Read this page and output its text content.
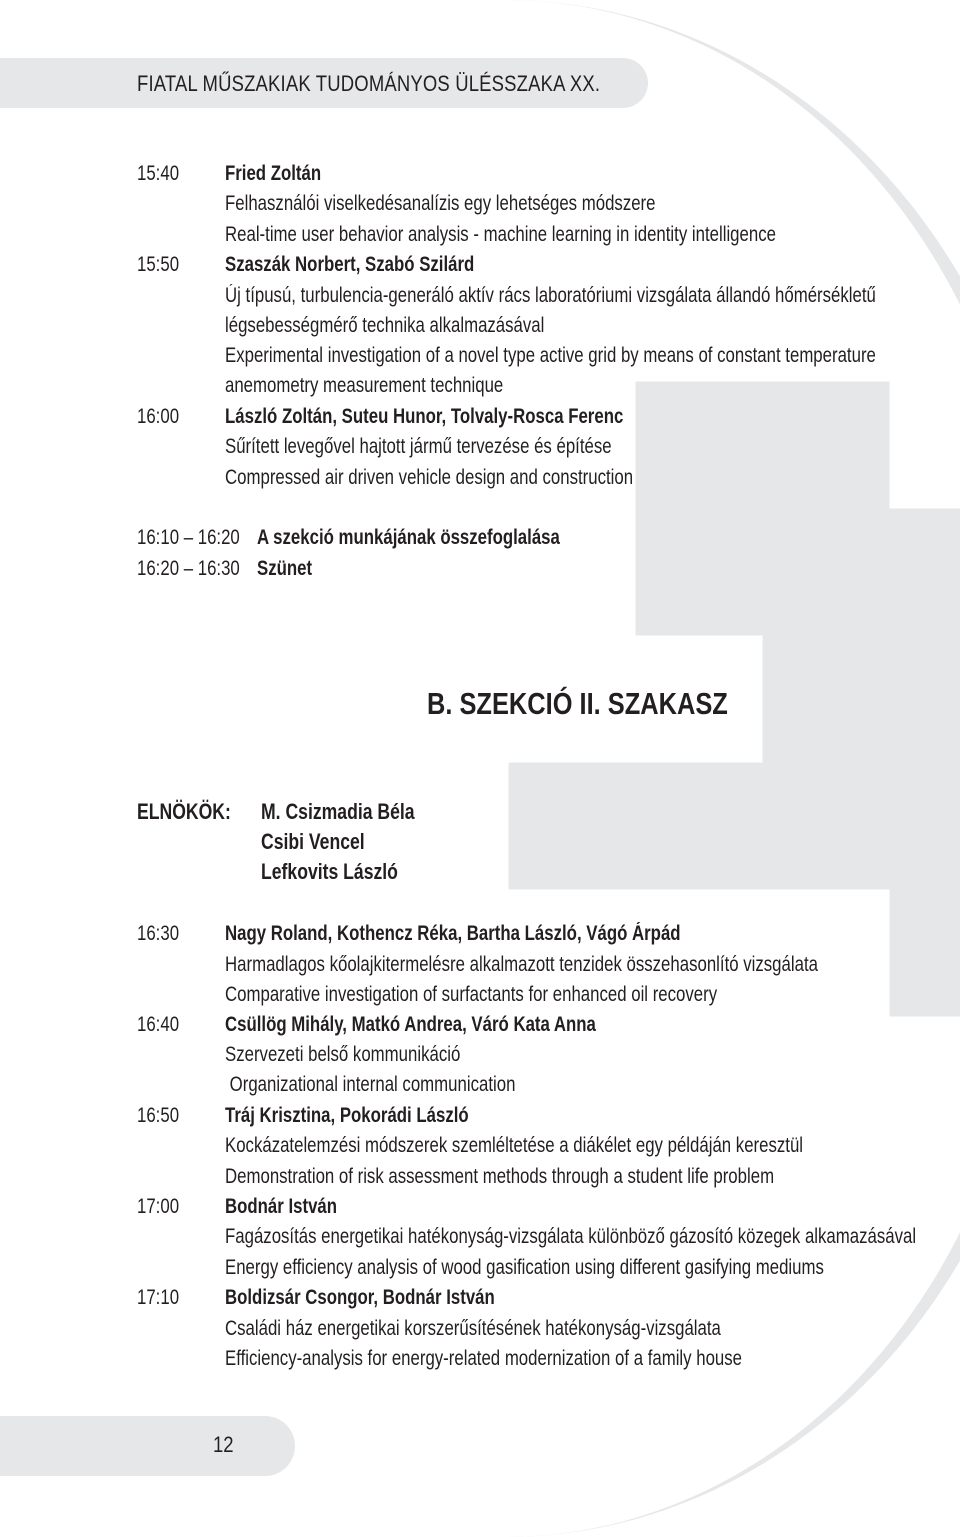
FIATAL MŰSZAKIAK TUDOMÁNYOS ÜLÉSSZAKA XX.
15:40 Fried Zoltán
Felhasználói viselkedésanalízis egy lehetséges módszere
Real-time user behavior analysis - machine learning in identity intelligence
15:50 Szaszák Norbert, Szabó Szilárd
Új típusú, turbulencia-generáló aktív rács laboratóriumi vizsgálata állandó hőmérsékletű
légsebességmérő technika alkalmazásával
Experimental investigation of a novel type active grid by means of constant temperature
anemometry measurement technique
16:00 László Zoltán, Suteu Hunor, Tolvaly-Rosca Ferenc
Sűrített levegővel hajtott jármű tervezése és építése
Compressed air driven vehicle design and construction
16:10 – 16:20 A szekció munkájának összefoglalása
16:20 – 16:30 Szünet
B. SZEKCIÓ II. SZAKASZ
ELNÖKÖK: M. Csizmadia Béla
Csibi Vencel
Lefkovits László
16:30 Nagy Roland, Kothencz Réka, Bartha László, Vágó Árpád
Harmadlagos kőolajkitermelésre alkalmazott tenzidek összehasonlító vizsgálata
Comparative investigation of surfactants for enhanced oil recovery
16:40 Csüllög Mihály, Matkó Andrea, Váró Kata Anna
Szervezeti belső kommunikáció
Organizational internal communication
16:50 Tráj Krisztina, Pokorádi László
Kockázatelemzési módszerek szemléltetése a diákélet egy példáján keresztül
Demonstration of risk assessment methods through a student life problem
17:00 Bodnár István
Fagázosítás energetikai hatékonyság-vizsgálata különböző gázosító közegek alkamazásával
Energy efficiency analysis of wood gasification using different gasifying mediums
17:10 Boldizsár Csongor, Bodnár István
Családi ház energetikai korszerűsítésének hatékonyság-vizsgálata
Efficiency-analysis for energy-related modernization of a family house
12
